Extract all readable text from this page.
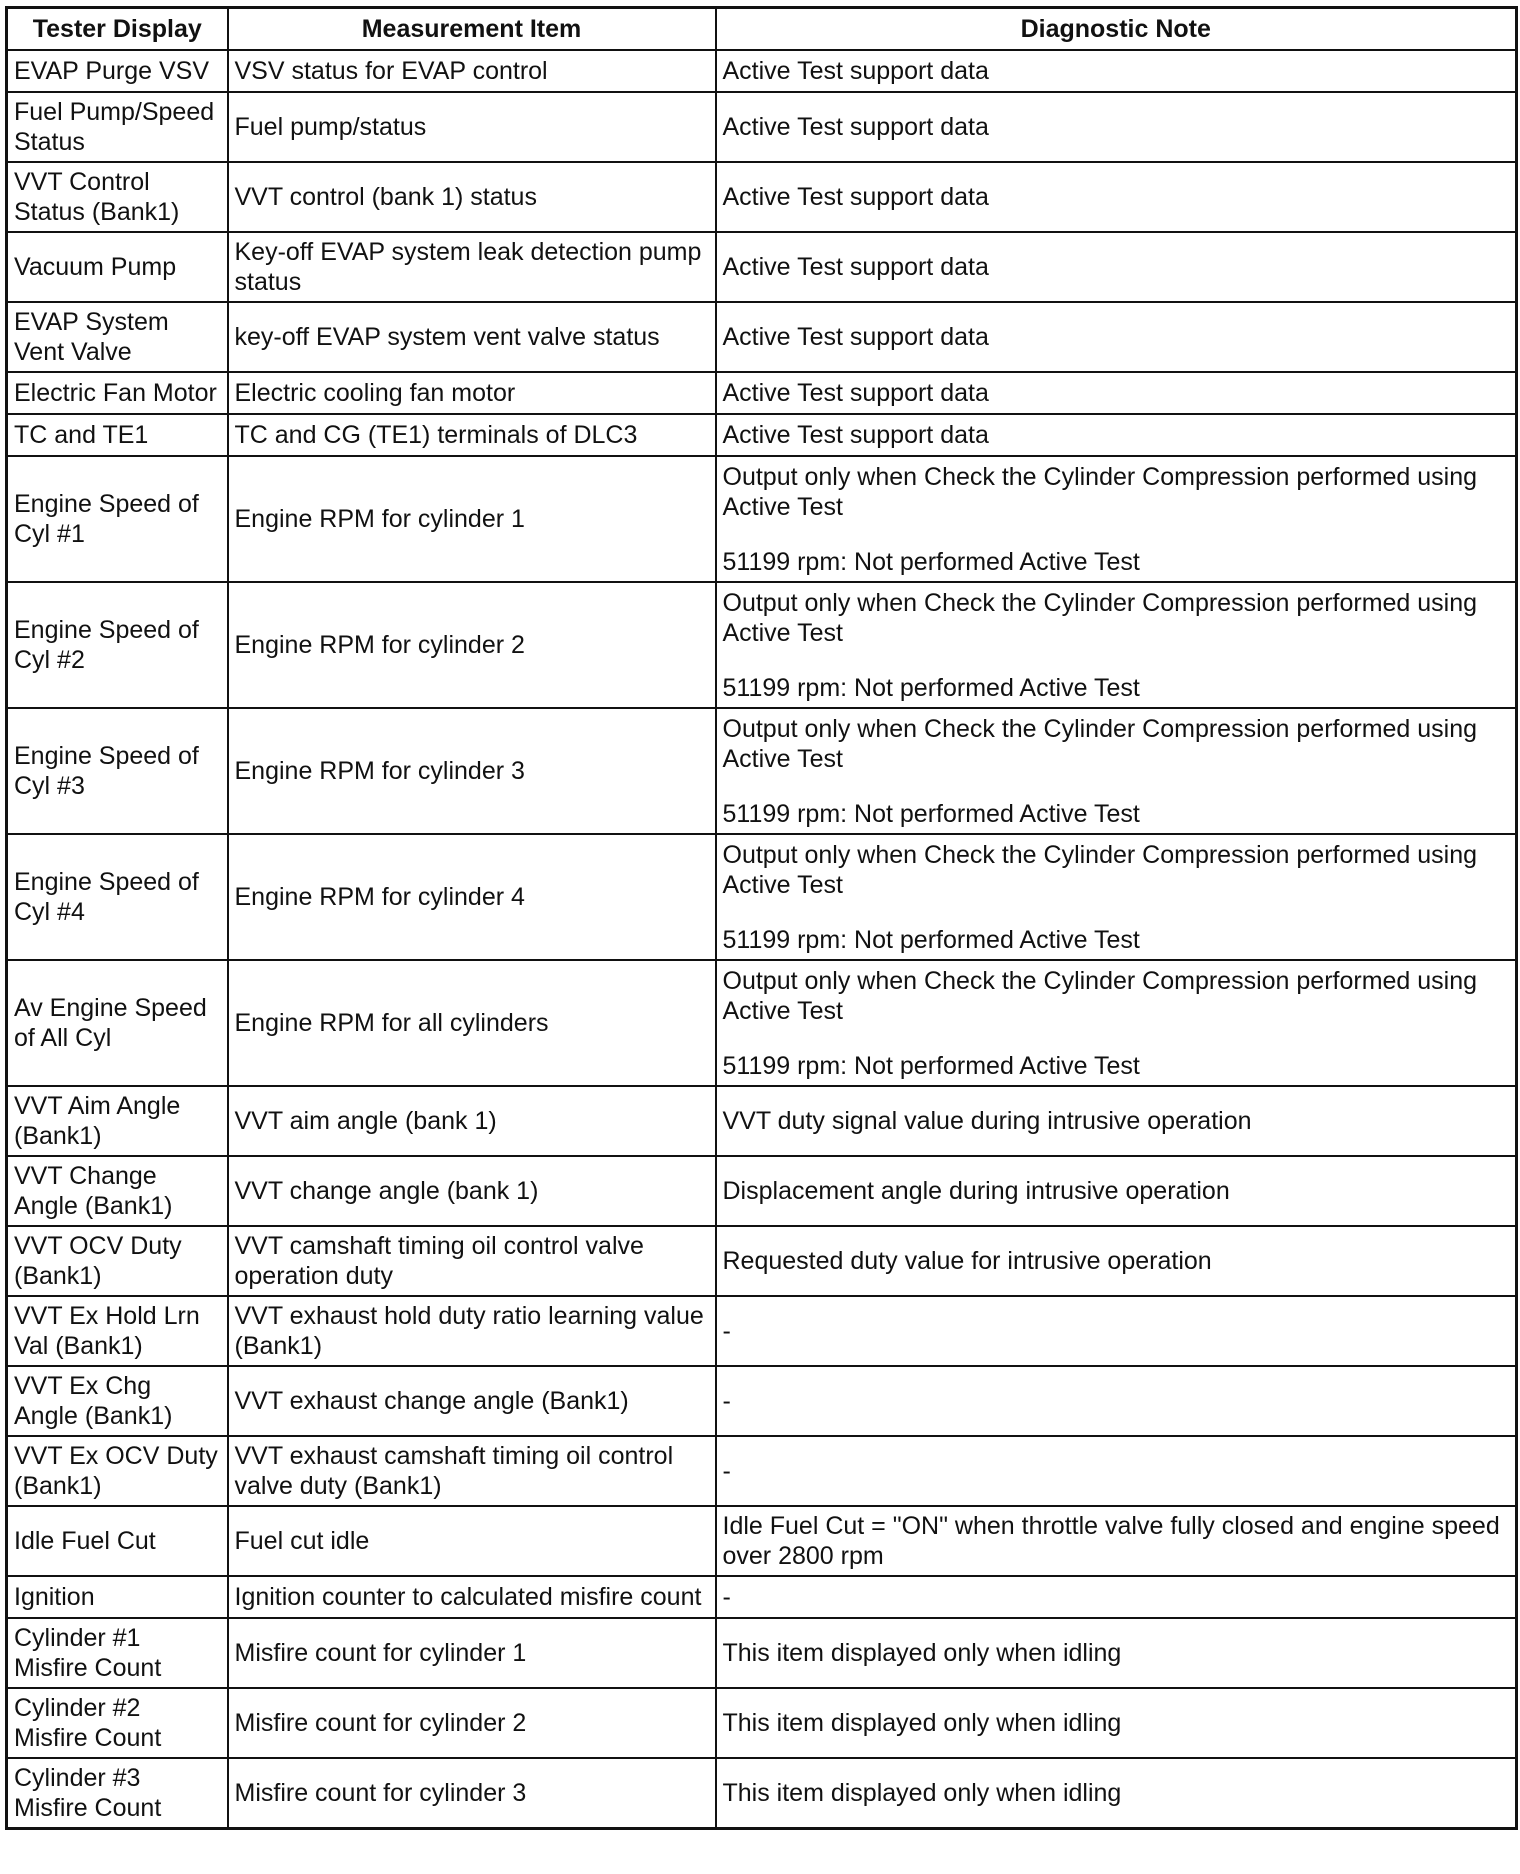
Tester Display	Measurement Item	Diagnostic Note
EVAP Purge VSV	VSV status for EVAP control	Active Test support data

Fuel Pump/Speed Status	Fuel pump/status	Active Test support data

VVT Control Status (Bank1)	VVT control (bank 1) status	Active Test support data

Vacuum Pump	Key-off EVAP system leak detection pump status	Active Test support data

EVAP System Vent Valve	key-off EVAP system vent valve status	Active Test support data

Electric Fan Motor	Electric cooling fan motor	Active Test support data

TC and TE1	TC and CG (TE1) terminals of DLC3	Active Test support data

Engine Speed of Cyl #1	Engine RPM for cylinder 1	Output only when Check the Cylinder Compression performed using Active Test
51199 rpm: Not performed Active Test

Engine Speed of Cyl #2	Engine RPM for cylinder 2	Output only when Check the Cylinder Compression performed using Active Test
51199 rpm: Not performed Active Test

Engine Speed of Cyl #3	Engine RPM for cylinder 3	Output only when Check the Cylinder Compression performed using Active Test
51199 rpm: Not performed Active Test

Engine Speed of Cyl #4	Engine RPM for cylinder 4	Output only when Check the Cylinder Compression performed using Active Test
51199 rpm: Not performed Active Test

Av Engine Speed of All Cyl	Engine RPM for all cylinders	Output only when Check the Cylinder Compression performed using Active Test
51199 rpm: Not performed Active Test

VVT Aim Angle (Bank1)	VVT aim angle (bank 1)	VVT duty signal value during intrusive operation

VVT Change Angle (Bank1)	VVT change angle (bank 1)	Displacement angle during intrusive operation

VVT OCV Duty (Bank1)	VVT camshaft timing oil control valve operation duty	Requested duty value for intrusive operation

VVT Ex Hold Lrn Val (Bank1)	VVT exhaust hold duty ratio learning value (Bank1)	-

VVT Ex Chg Angle (Bank1)	VVT exhaust change angle (Bank1)	-

VVT Ex OCV Duty (Bank1)	VVT exhaust camshaft timing oil control valve duty (Bank1)	-

Idle Fuel Cut	Fuel cut idle	Idle Fuel Cut = "ON" when throttle valve fully closed and engine speed over 2800 rpm

Ignition	Ignition counter to calculated misfire count	-

Cylinder #1 Misfire Count	Misfire count for cylinder 1	This item displayed only when idling

Cylinder #2 Misfire Count	Misfire count for cylinder 2	This item displayed only when idling

Cylinder #3 Misfire Count	Misfire count for cylinder 3	This item displayed only when idling
